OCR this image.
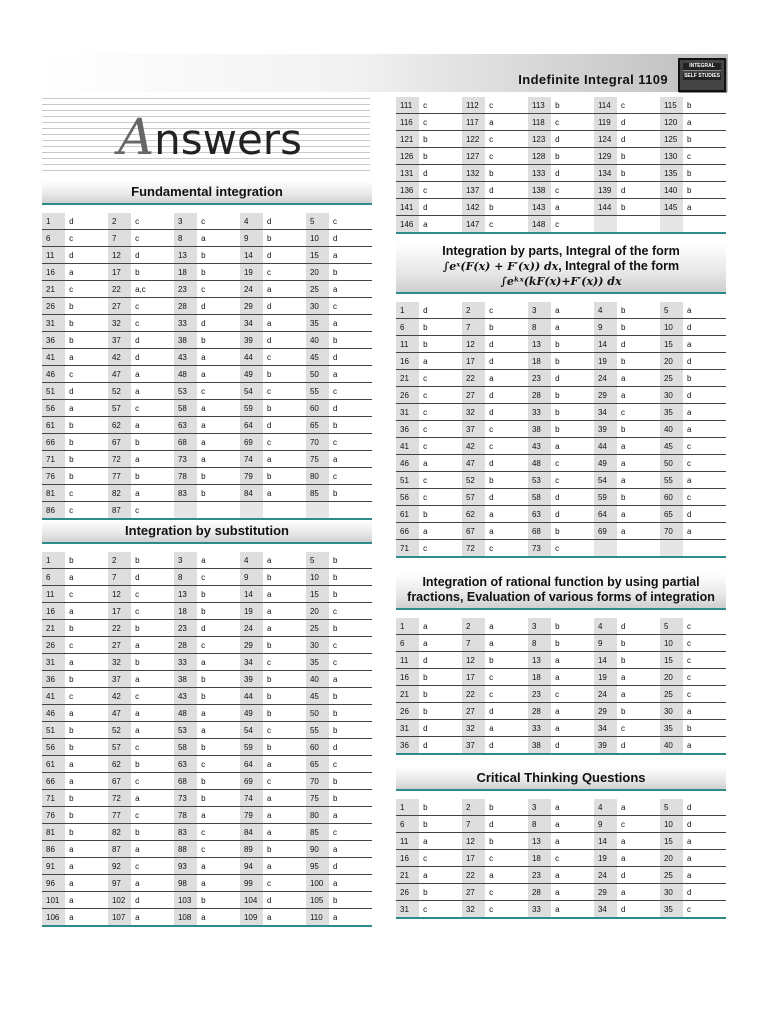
Indefinite Integral 1109
INTEGRAL
SELF STUDIES
Answers
Fundamental integration
1	d	2	c	3	c	4	d	5	c
6	c	7	c	8	a	9	b	10	d
11	d	12	d	13	b	14	d	15	a
16	a	17	b	18	b	19	c	20	b
21	c	22	a,c	23	c	24	a	25	a
26	b	27	c	28	d	29	d	30	c
31	b	32	c	33	d	34	a	35	a
36	b	37	d	38	b	39	d	40	b
41	a	42	d	43	a	44	c	45	d
46	c	47	a	48	a	49	b	50	a
51	d	52	a	53	c	54	c	55	c
56	a	57	c	58	a	59	b	60	d
61	b	62	a	63	a	64	d	65	b
66	b	67	b	68	a	69	c	70	c
71	b	72	a	73	a	74	a	75	a
76	b	77	b	78	b	79	b	80	c
81	c	82	a	83	b	84	a	85	b
86	c	87	c						
Integration by substitution
1	b	2	b	3	a	4	a	5	b
6	a	7	d	8	c	9	b	10	b
11	c	12	c	13	b	14	a	15	b
16	a	17	c	18	b	19	a	20	c
21	b	22	b	23	d	24	a	25	b
26	c	27	a	28	c	29	b	30	c
31	a	32	b	33	a	34	c	35	c
36	b	37	a	38	b	39	b	40	a
41	c	42	c	43	b	44	b	45	b
46	a	47	a	48	a	49	b	50	b
51	b	52	a	53	a	54	c	55	b
56	b	57	c	58	b	59	b	60	d
61	a	62	b	63	c	64	a	65	c
66	a	67	c	68	b	69	c	70	b
71	b	72	a	73	b	74	a	75	b
76	b	77	c	78	a	79	a	80	a
81	b	82	b	83	c	84	a	85	c
86	a	87	a	88	c	89	b	90	a
91	a	92	c	93	a	94	a	95	d
96	a	97	a	98	a	99	c	100	a
101	a	102	d	103	b	104	d	105	b
106	a	107	a	108	a	109	a	110	a
111	c	112	c	113	b	114	c	115	b
116	c	117	a	118	c	119	d	120	a
121	b	122	c	123	d	124	d	125	b
126	b	127	c	128	b	129	b	130	c
131	d	132	b	133	d	134	b	135	b
136	c	137	d	138	c	139	d	140	b
141	d	142	b	143	a	144	b	145	a
146	a	147	c	148	c				
Integration by parts, Integral of the form
∫eˣ(F(x) + F′(x)) dx, Integral of the form
∫eᵏˣ(kF(x)+F′(x)) dx
1	d	2	c	3	a	4	b	5	a
6	b	7	b	8	a	9	b	10	d
11	b	12	d	13	b	14	d	15	a
16	a	17	d	18	b	19	b	20	d
21	c	22	a	23	d	24	a	25	b
26	c	27	d	28	b	29	a	30	d
31	c	32	d	33	b	34	c	35	a
36	c	37	c	38	b	39	b	40	a
41	c	42	c	43	a	44	a	45	c
46	a	47	d	48	c	49	a	50	c
51	c	52	b	53	c	54	a	55	a
56	c	57	d	58	d	59	b	60	c
61	b	62	a	63	d	64	a	65	d
66	a	67	a	68	b	69	a	70	a
71	c	72	c	73	c				
Integration of rational function by using partial
fractions, Evaluation of various forms of integration
1	a	2	a	3	b	4	d	5	c
6	a	7	a	8	b	9	b	10	c
11	d	12	b	13	a	14	b	15	c
16	b	17	c	18	a	19	a	20	c
21	b	22	c	23	c	24	a	25	c
26	b	27	d	28	a	29	b	30	a
31	d	32	a	33	a	34	c	35	b
36	d	37	d	38	d	39	d	40	a
Critical Thinking Questions
1	b	2	b	3	a	4	a	5	d
6	b	7	d	8	a	9	c	10	d
11	a	12	b	13	a	14	a	15	a
16	c	17	c	18	c	19	a	20	a
21	a	22	a	23	a	24	d	25	a
26	b	27	c	28	a	29	a	30	d
31	c	32	c	33	a	34	d	35	c
